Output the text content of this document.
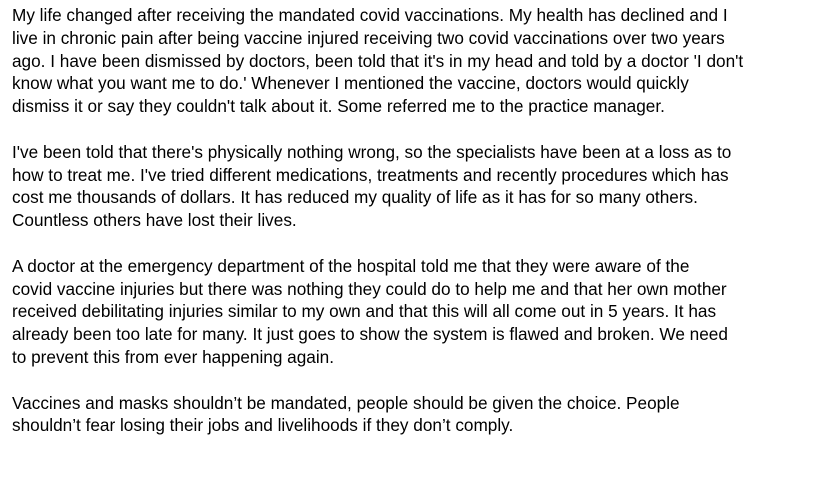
My life changed after receiving the mandated covid vaccinations. My health has declined and I
live in chronic pain after being vaccine injured receiving two covid vaccinations over two years
ago. I have been dismissed by doctors, been told that it's in my head and told by a doctor 'I don't
know what you want me to do.' Whenever I mentioned the vaccine, doctors would quickly
dismiss it or say they couldn't talk about it. Some referred me to the practice manager.

I've been told that there's physically nothing wrong, so the specialists have been at a loss as to
how to treat me. I've tried different medications, treatments and recently procedures which has
cost me thousands of dollars. It has reduced my quality of life as it has for so many others.
Countless others have lost their lives.

A doctor at the emergency department of the hospital told me that they were aware of the
covid vaccine injuries but there was nothing they could do to help me and that her own mother
received debilitating injuries similar to my own and that this will all come out in 5 years. It has
already been too late for many. It just goes to show the system is flawed and broken. We need
to prevent this from ever happening again.

Vaccines and masks shouldn’t be mandated, people should be given the choice. People
shouldn’t fear losing their jobs and livelihoods if they don’t comply.
